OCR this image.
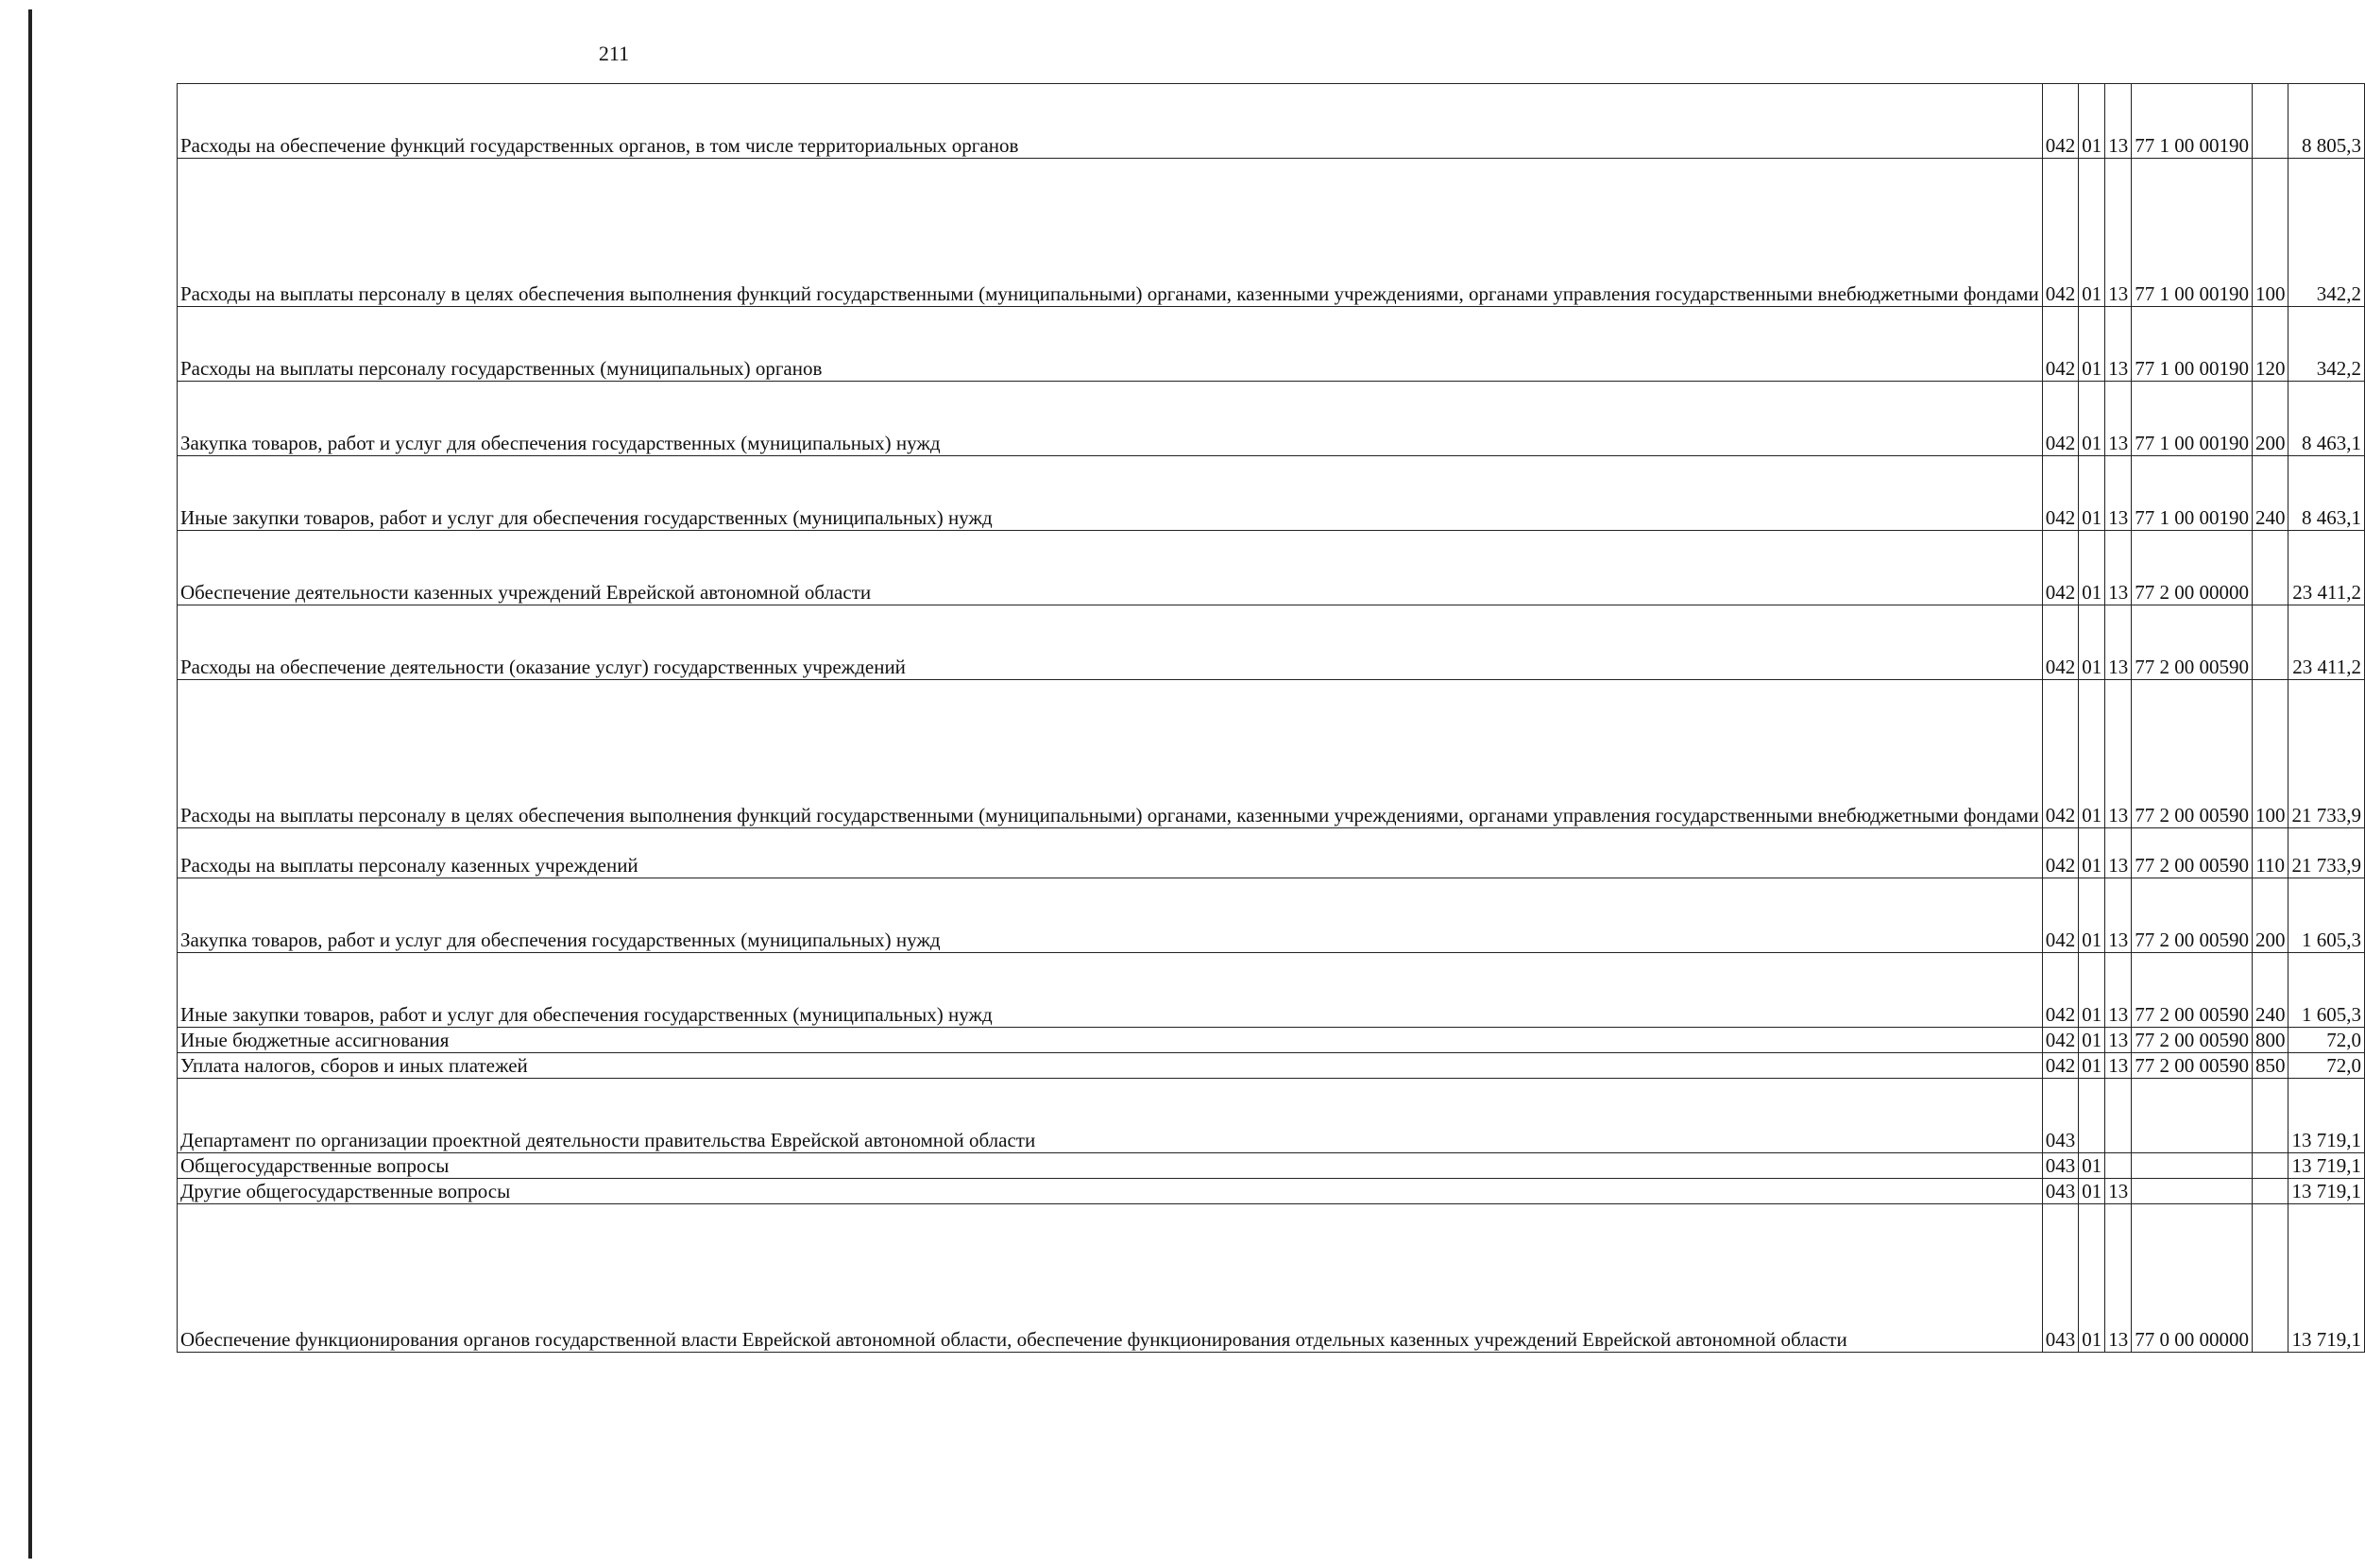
211
Расходы на обеспечение функций государственных органов, в том числе территориальных органов	042	01	13	77 1 00 00190		8 805,3
Расходы на выплаты персоналу в целях обеспечения выполнения функций государственными (муниципальными) органами, казенными учреждениями, органами управления государственными внебюджетными фондами	042	01	13	77 1 00 00190	100	342,2
Расходы на выплаты персоналу государственных (муниципальных) органов	042	01	13	77 1 00 00190	120	342,2
Закупка товаров, работ и услуг для обеспечения государственных (муниципальных) нужд	042	01	13	77 1 00 00190	200	8 463,1
Иные закупки товаров, работ и услуг для обеспечения государственных (муниципальных) нужд	042	01	13	77 1 00 00190	240	8 463,1
Обеспечение деятельности казенных учреждений Еврейской автономной области	042	01	13	77 2 00 00000		23 411,2
Расходы на обеспечение деятельности (оказание услуг) государственных учреждений	042	01	13	77 2 00 00590		23 411,2
Расходы на выплаты персоналу в целях обеспечения выполнения функций государственными (муниципальными) органами, казенными учреждениями, органами управления государственными внебюджетными фондами	042	01	13	77 2 00 00590	100	21 733,9
Расходы на выплаты персоналу казенных учреждений	042	01	13	77 2 00 00590	110	21 733,9
Закупка товаров, работ и услуг для обеспечения государственных (муниципальных) нужд	042	01	13	77 2 00 00590	200	1 605,3
Иные закупки товаров, работ и услуг для обеспечения государственных (муниципальных) нужд	042	01	13	77 2 00 00590	240	1 605,3
Иные бюджетные ассигнования	042	01	13	77 2 00 00590	800	72,0
Уплата налогов, сборов и иных платежей	042	01	13	77 2 00 00590	850	72,0
Департамент по организации проектной деятельности правительства Еврейской автономной области	043					13 719,1
Общегосударственные вопросы	043	01				13 719,1
Другие общегосударственные вопросы	043	01	13			13 719,1
Обеспечение функционирования органов государственной власти Еврейской автономной области, обеспечение функционирования отдельных казенных учреждений Еврейской автономной области	043	01	13	77 0 00 00000		13 719,1
